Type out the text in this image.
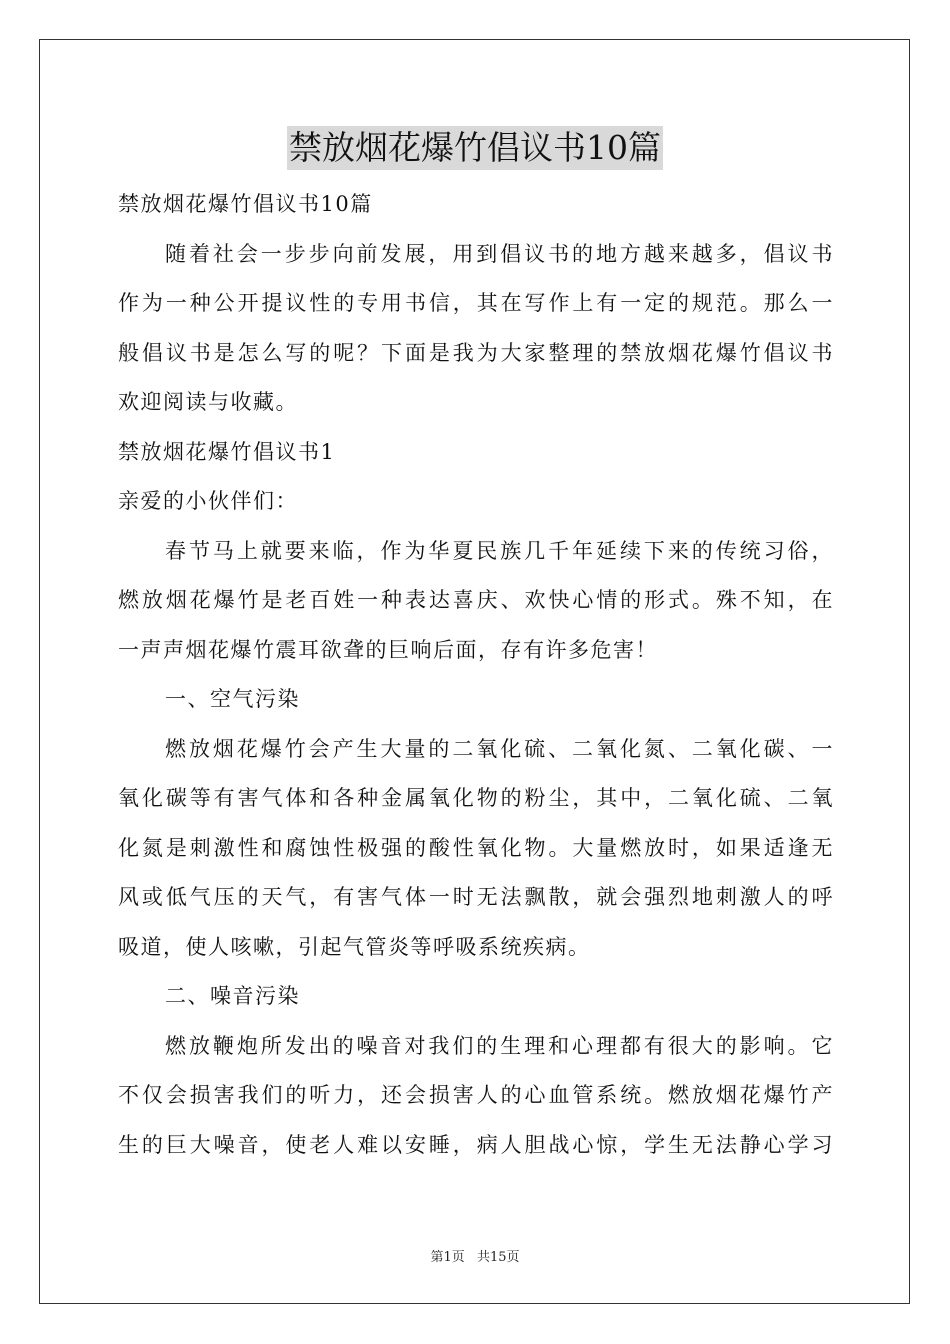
禁放烟花爆竹倡议书10篇
禁放烟花爆竹倡议书10篇
随着社会一步步向前发展，用到倡议书的地方越来越多，倡议书
作为一种公开提议性的专用书信，其在写作上有一定的规范。那么一
般倡议书是怎么写的呢？下面是我为大家整理的禁放烟花爆竹倡议书
欢迎阅读与收藏。
禁放烟花爆竹倡议书1
亲爱的小伙伴们：
春节马上就要来临，作为华夏民族几千年延续下来的传统习俗，
燃放烟花爆竹是老百姓一种表达喜庆、欢快心情的形式。殊不知，在
一声声烟花爆竹震耳欲聋的巨响后面，存有许多危害！
一、空气污染
燃放烟花爆竹会产生大量的二氧化硫、二氧化氮、二氧化碳、一
氧化碳等有害气体和各种金属氧化物的粉尘，其中，二氧化硫、二氧
化氮是刺激性和腐蚀性极强的酸性氧化物。大量燃放时，如果适逢无
风或低气压的天气，有害气体一时无法飘散，就会强烈地刺激人的呼
吸道，使人咳嗽，引起气管炎等呼吸系统疾病。
二、噪音污染
燃放鞭炮所发出的噪音对我们的生理和心理都有很大的影响。它
不仅会损害我们的听力，还会损害人的心血管系统。燃放烟花爆竹产
生的巨大噪音，使老人难以安睡，病人胆战心惊，学生无法静心学习
第1页 共15页
